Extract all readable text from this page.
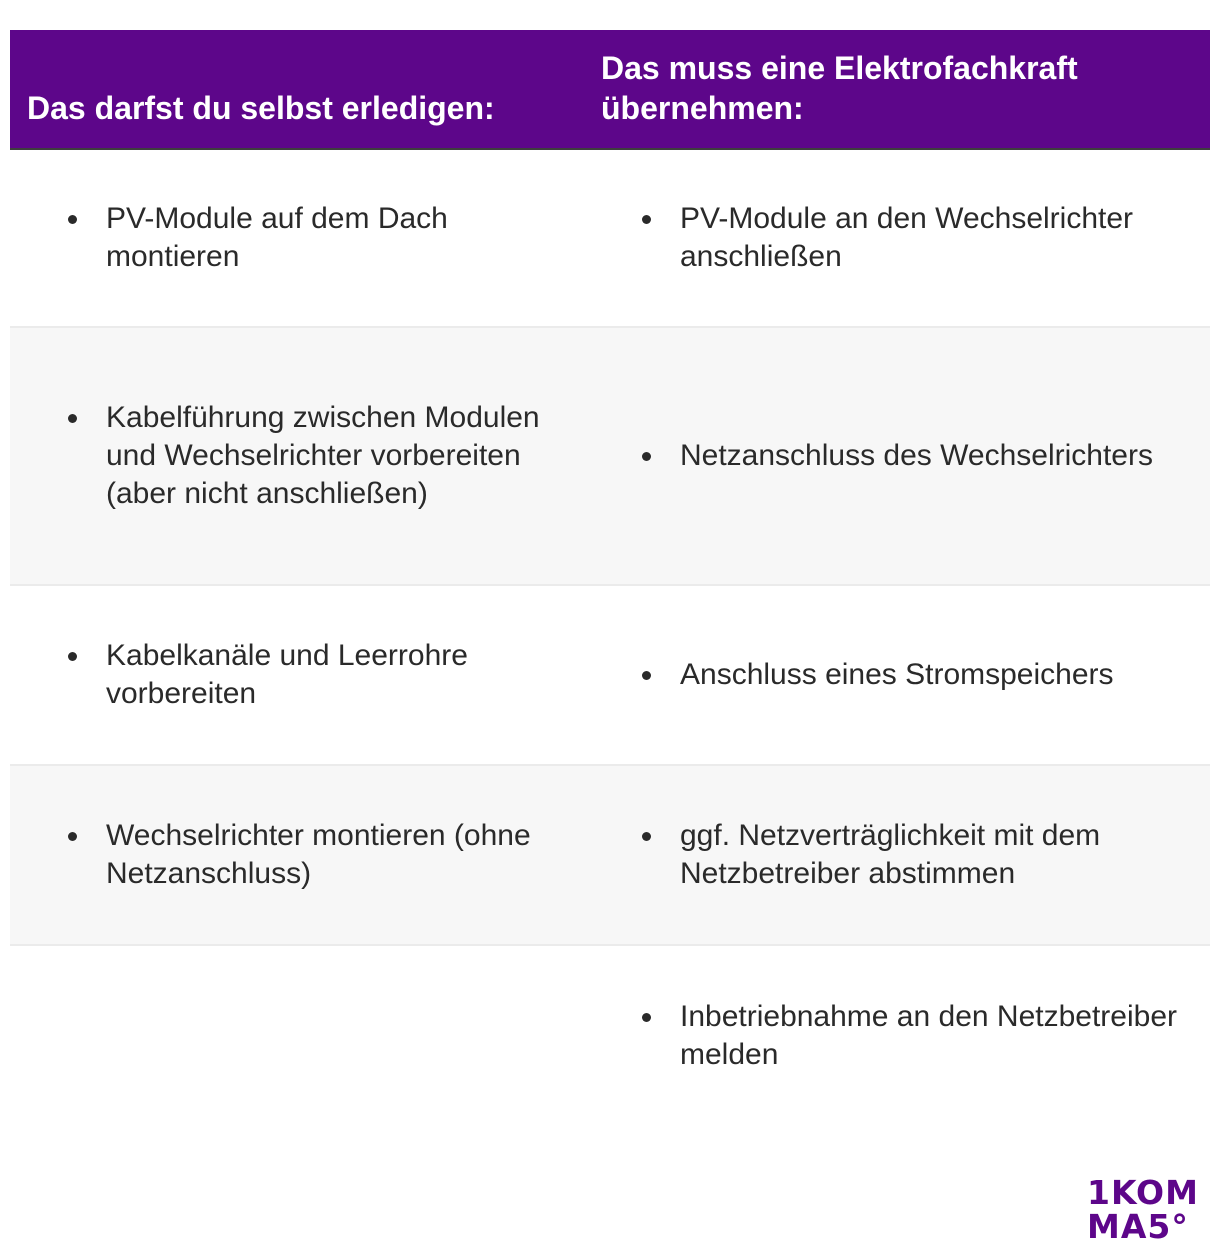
Das darfst du selbst erledigen:
Das muss eine Elektrofachkraft übernehmen:
PV-Module auf dem Dach montieren
PV-Module an den Wechselrichter anschließen
Kabelführung zwischen Modulen und Wechselrichter vorbereiten (aber nicht anschließen)
Netzanschluss des Wechselrichters
Kabelkanäle und Leerrohre vorbereiten
Anschluss eines Stromspeichers
Wechselrichter montieren (ohne Netzanschluss)
ggf. Netzverträglichkeit mit dem Netzbetreiber abstimmen
Inbetriebnahme an den Netzbetreiber melden
1KOM
MA5°
